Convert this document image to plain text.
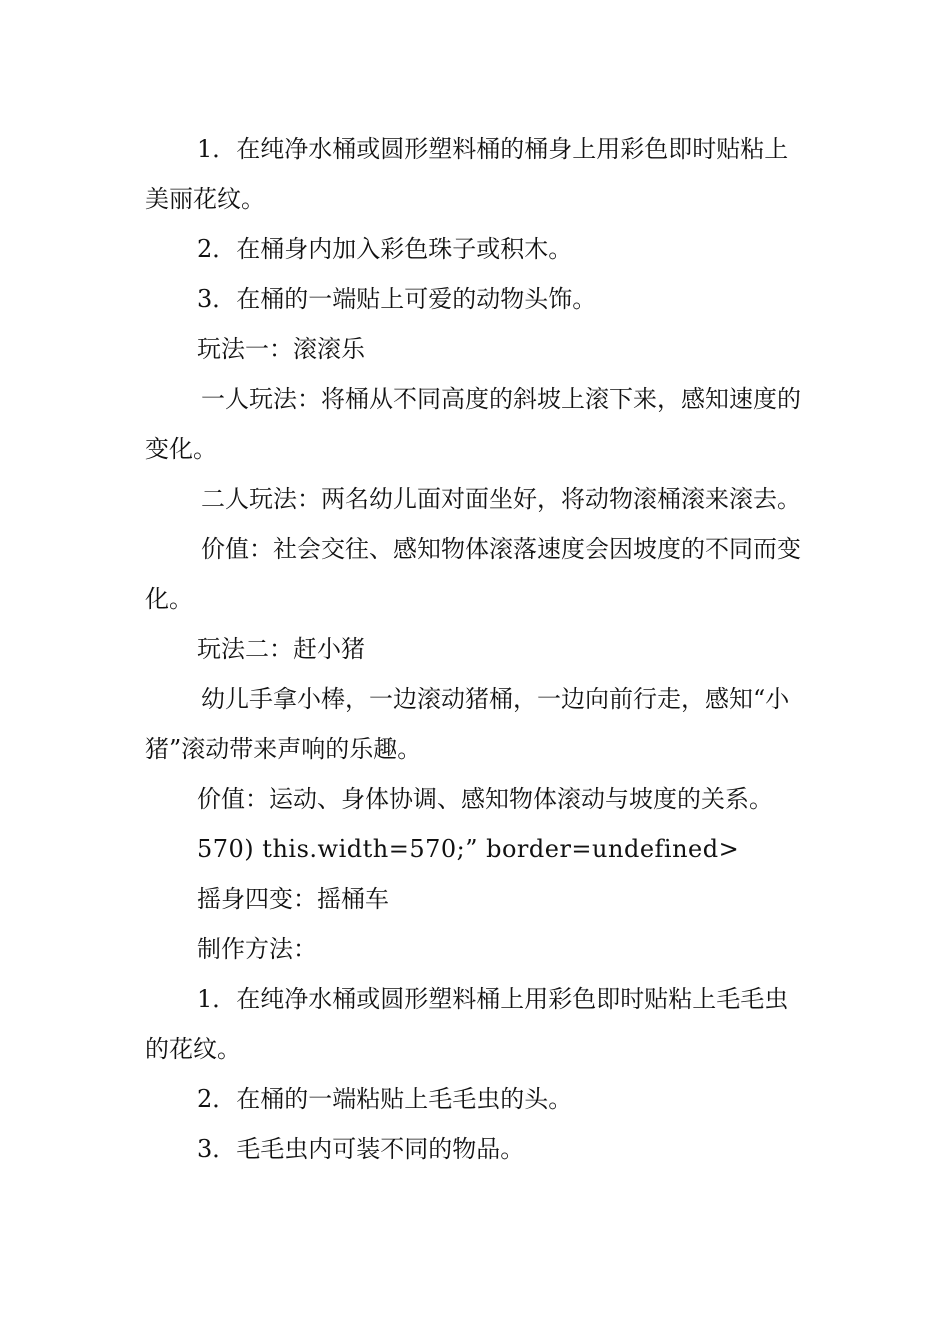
1．在纯净水桶或圆形塑料桶的桶身上用彩色即时贴粘上美丽花纹。

2．在桶身内加入彩色珠子或积木。

3．在桶的一端贴上可爱的动物头饰。

玩法一：滚滚乐

一人玩法：将桶从不同高度的斜坡上滚下来，感知速度的变化。

二人玩法：两名幼儿面对面坐好，将动物滚桶滚来滚去。

价值：社会交往、感知物体滚落速度会因坡度的不同而变化。

玩法二：赶小猪

幼儿手拿小棒，一边滚动猪桶，一边向前行走，感知“小猪”滚动带来声响的乐趣。

价值：运动、身体协调、感知物体滚动与坡度的关系。

570) this.width=570;” border=undefined>

摇身四变：摇桶车

制作方法：

1．在纯净水桶或圆形塑料桶上用彩色即时贴粘上毛毛虫的花纹。

2．在桶的一端粘贴上毛毛虫的头。

3．毛毛虫内可装不同的物品。
